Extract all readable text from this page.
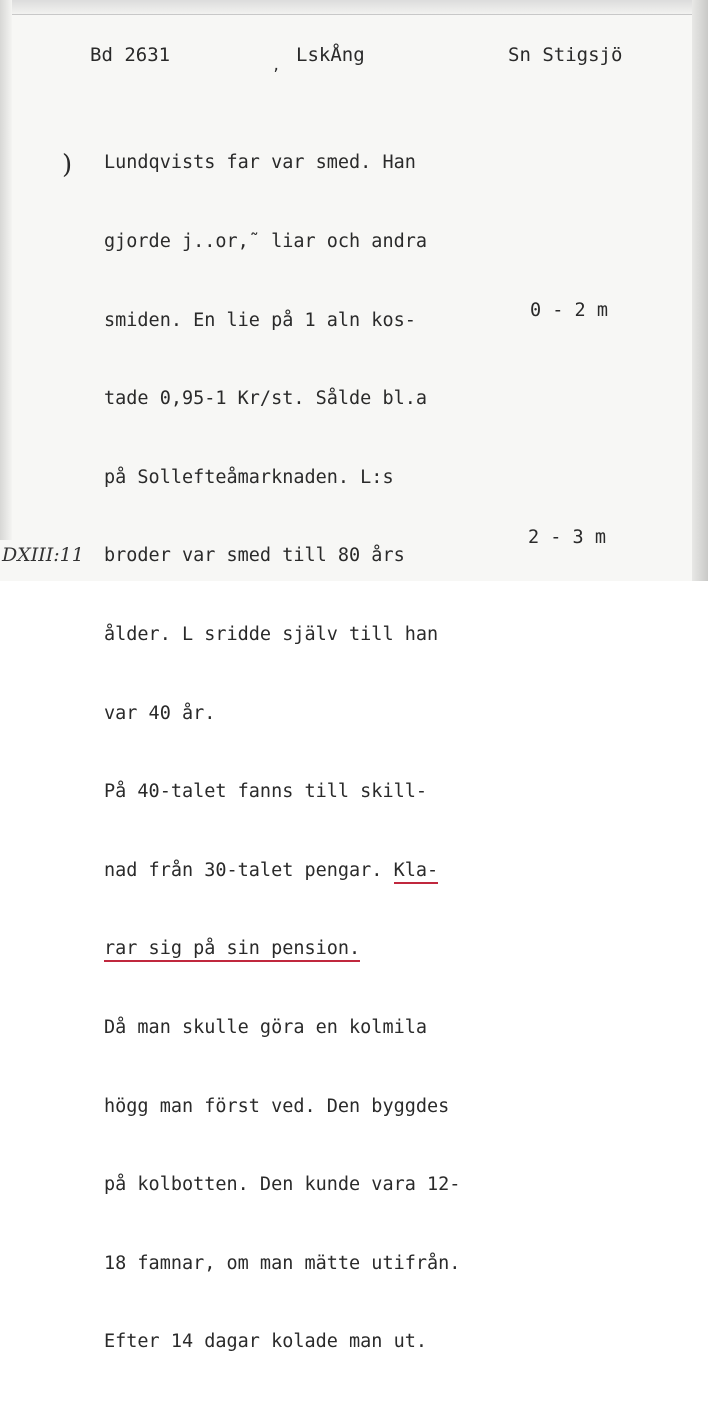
Bd 2631	LskÅng	Sn Stigsjö
,
)

Lundqvists far var smed. Han

gjorde j..or,˜ liar och andra

smiden. En lie på 1 aln kos-

tade 0,95-1 Kr/st. Sålde bl.a

på Sollefteåmarknaden. L:s

broder var smed till 80 års

ålder. L sridde själv till han

var 40 år.

På 40-talet fanns till skill-

nad från 30-talet pengar. Kla-

rar sig på sin pension.

Då man skulle göra en kolmila

högg man först ved. Den byggdes

på kolbotten. Den kunde vara 12-

18 famnar, om man mätte utifrån.

Efter 14 dagar kolade man ut.

0 - 2 m
2 - 3 m
DXIII:11
